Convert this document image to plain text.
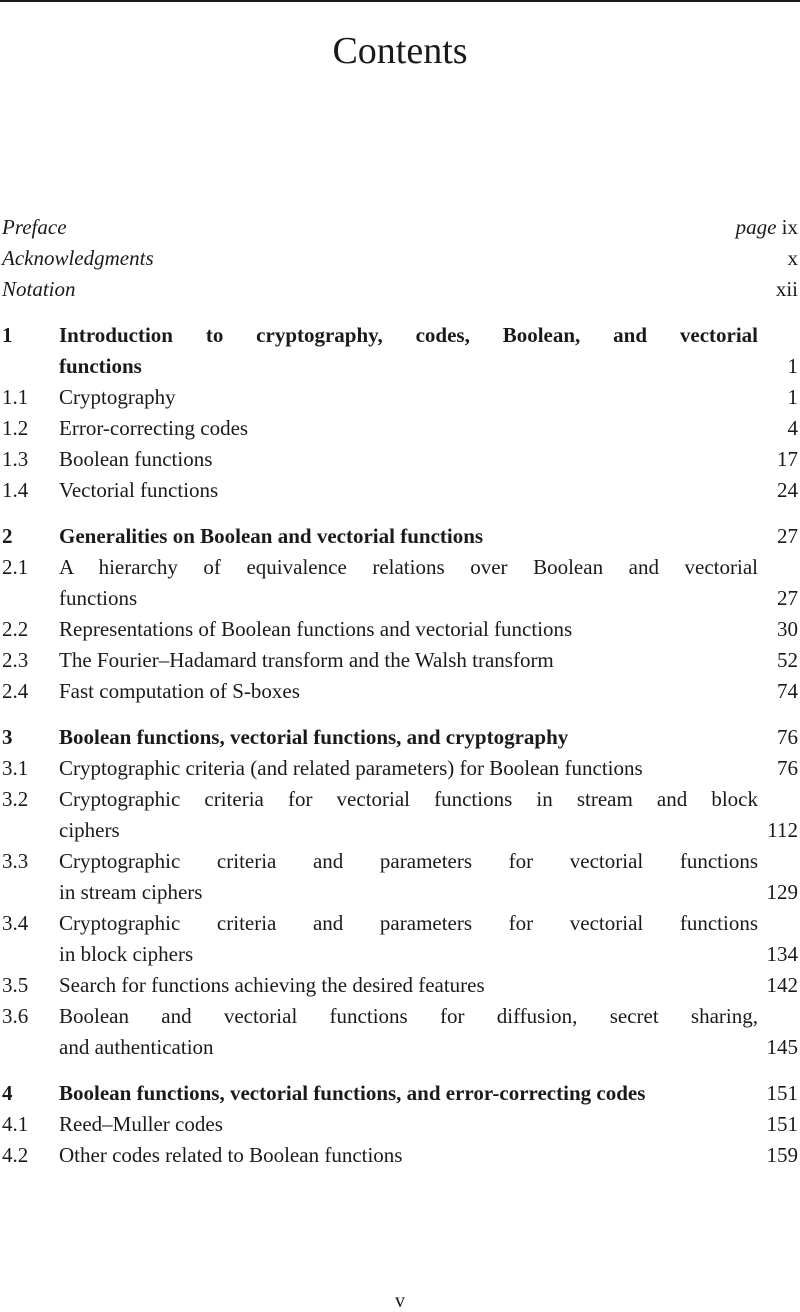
Contents
Preface	page ix
Acknowledgments	x
Notation	xii
1	Introduction to cryptography, codes, Boolean, and vectorial
functions	1
1.1	Cryptography	1
1.2	Error-correcting codes	4
1.3	Boolean functions	17
1.4	Vectorial functions	24
2	Generalities on Boolean and vectorial functions	27
2.1	A hierarchy of equivalence relations over Boolean and vectorial
functions	27
2.2	Representations of Boolean functions and vectorial functions	30
2.3	The Fourier–Hadamard transform and the Walsh transform	52
2.4	Fast computation of S-boxes	74
3	Boolean functions, vectorial functions, and cryptography	76
3.1	Cryptographic criteria (and related parameters) for Boolean functions	76
3.2	Cryptographic criteria for vectorial functions in stream and block
ciphers	112
3.3	Cryptographic criteria and parameters for vectorial functions
in stream ciphers	129
3.4	Cryptographic criteria and parameters for vectorial functions
in block ciphers	134
3.5	Search for functions achieving the desired features	142
3.6	Boolean and vectorial functions for diffusion, secret sharing,
and authentication	145
4	Boolean functions, vectorial functions, and error-correcting codes	151
4.1	Reed–Muller codes	151
4.2	Other codes related to Boolean functions	159
v
